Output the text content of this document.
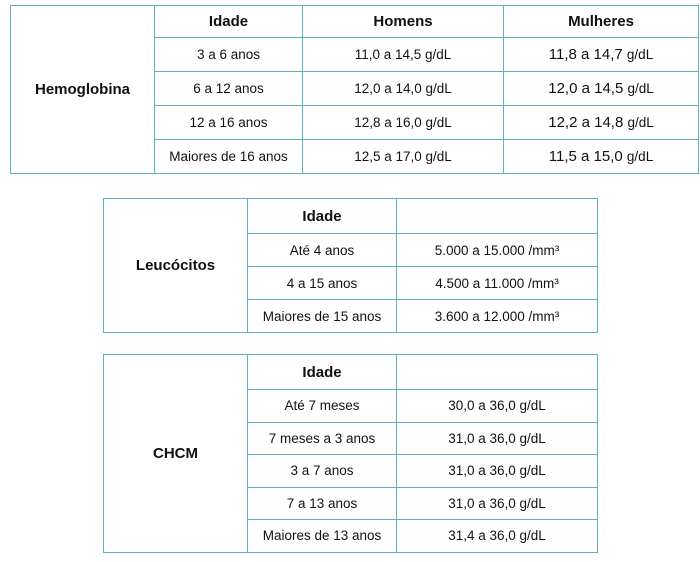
Hemoglobina	Idade	Homens	Mulheres
	3 a 6 anos	11,0 a 14,5 g/dL	11,8 a 14,7 g/dL
	6 a 12 anos	12,0 a 14,0 g/dL	12,0 a 14,5 g/dL
	12 a 16 anos	12,8 a 16,0 g/dL	12,2 a 14,8 g/dL
	Maiores de 16 anos	12,5 a 17,0 g/dL	11,5 a 15,0 g/dL
Leucócitos	Idade	
	Até 4 anos	5.000 a 15.000 /mm³
	4 a 15 anos	4.500 a 11.000 /mm³
	Maiores de 15 anos	3.600 a 12.000 /mm³
CHCM	Idade	
	Até 7 meses	30,0 a 36,0 g/dL
	7 meses a 3 anos	31,0 a 36,0 g/dL
	3 a 7 anos	31,0 a 36,0 g/dL
	7 a 13 anos	31,0 a 36,0 g/dL
	Maiores de 13 anos	31,4 a 36,0 g/dL
